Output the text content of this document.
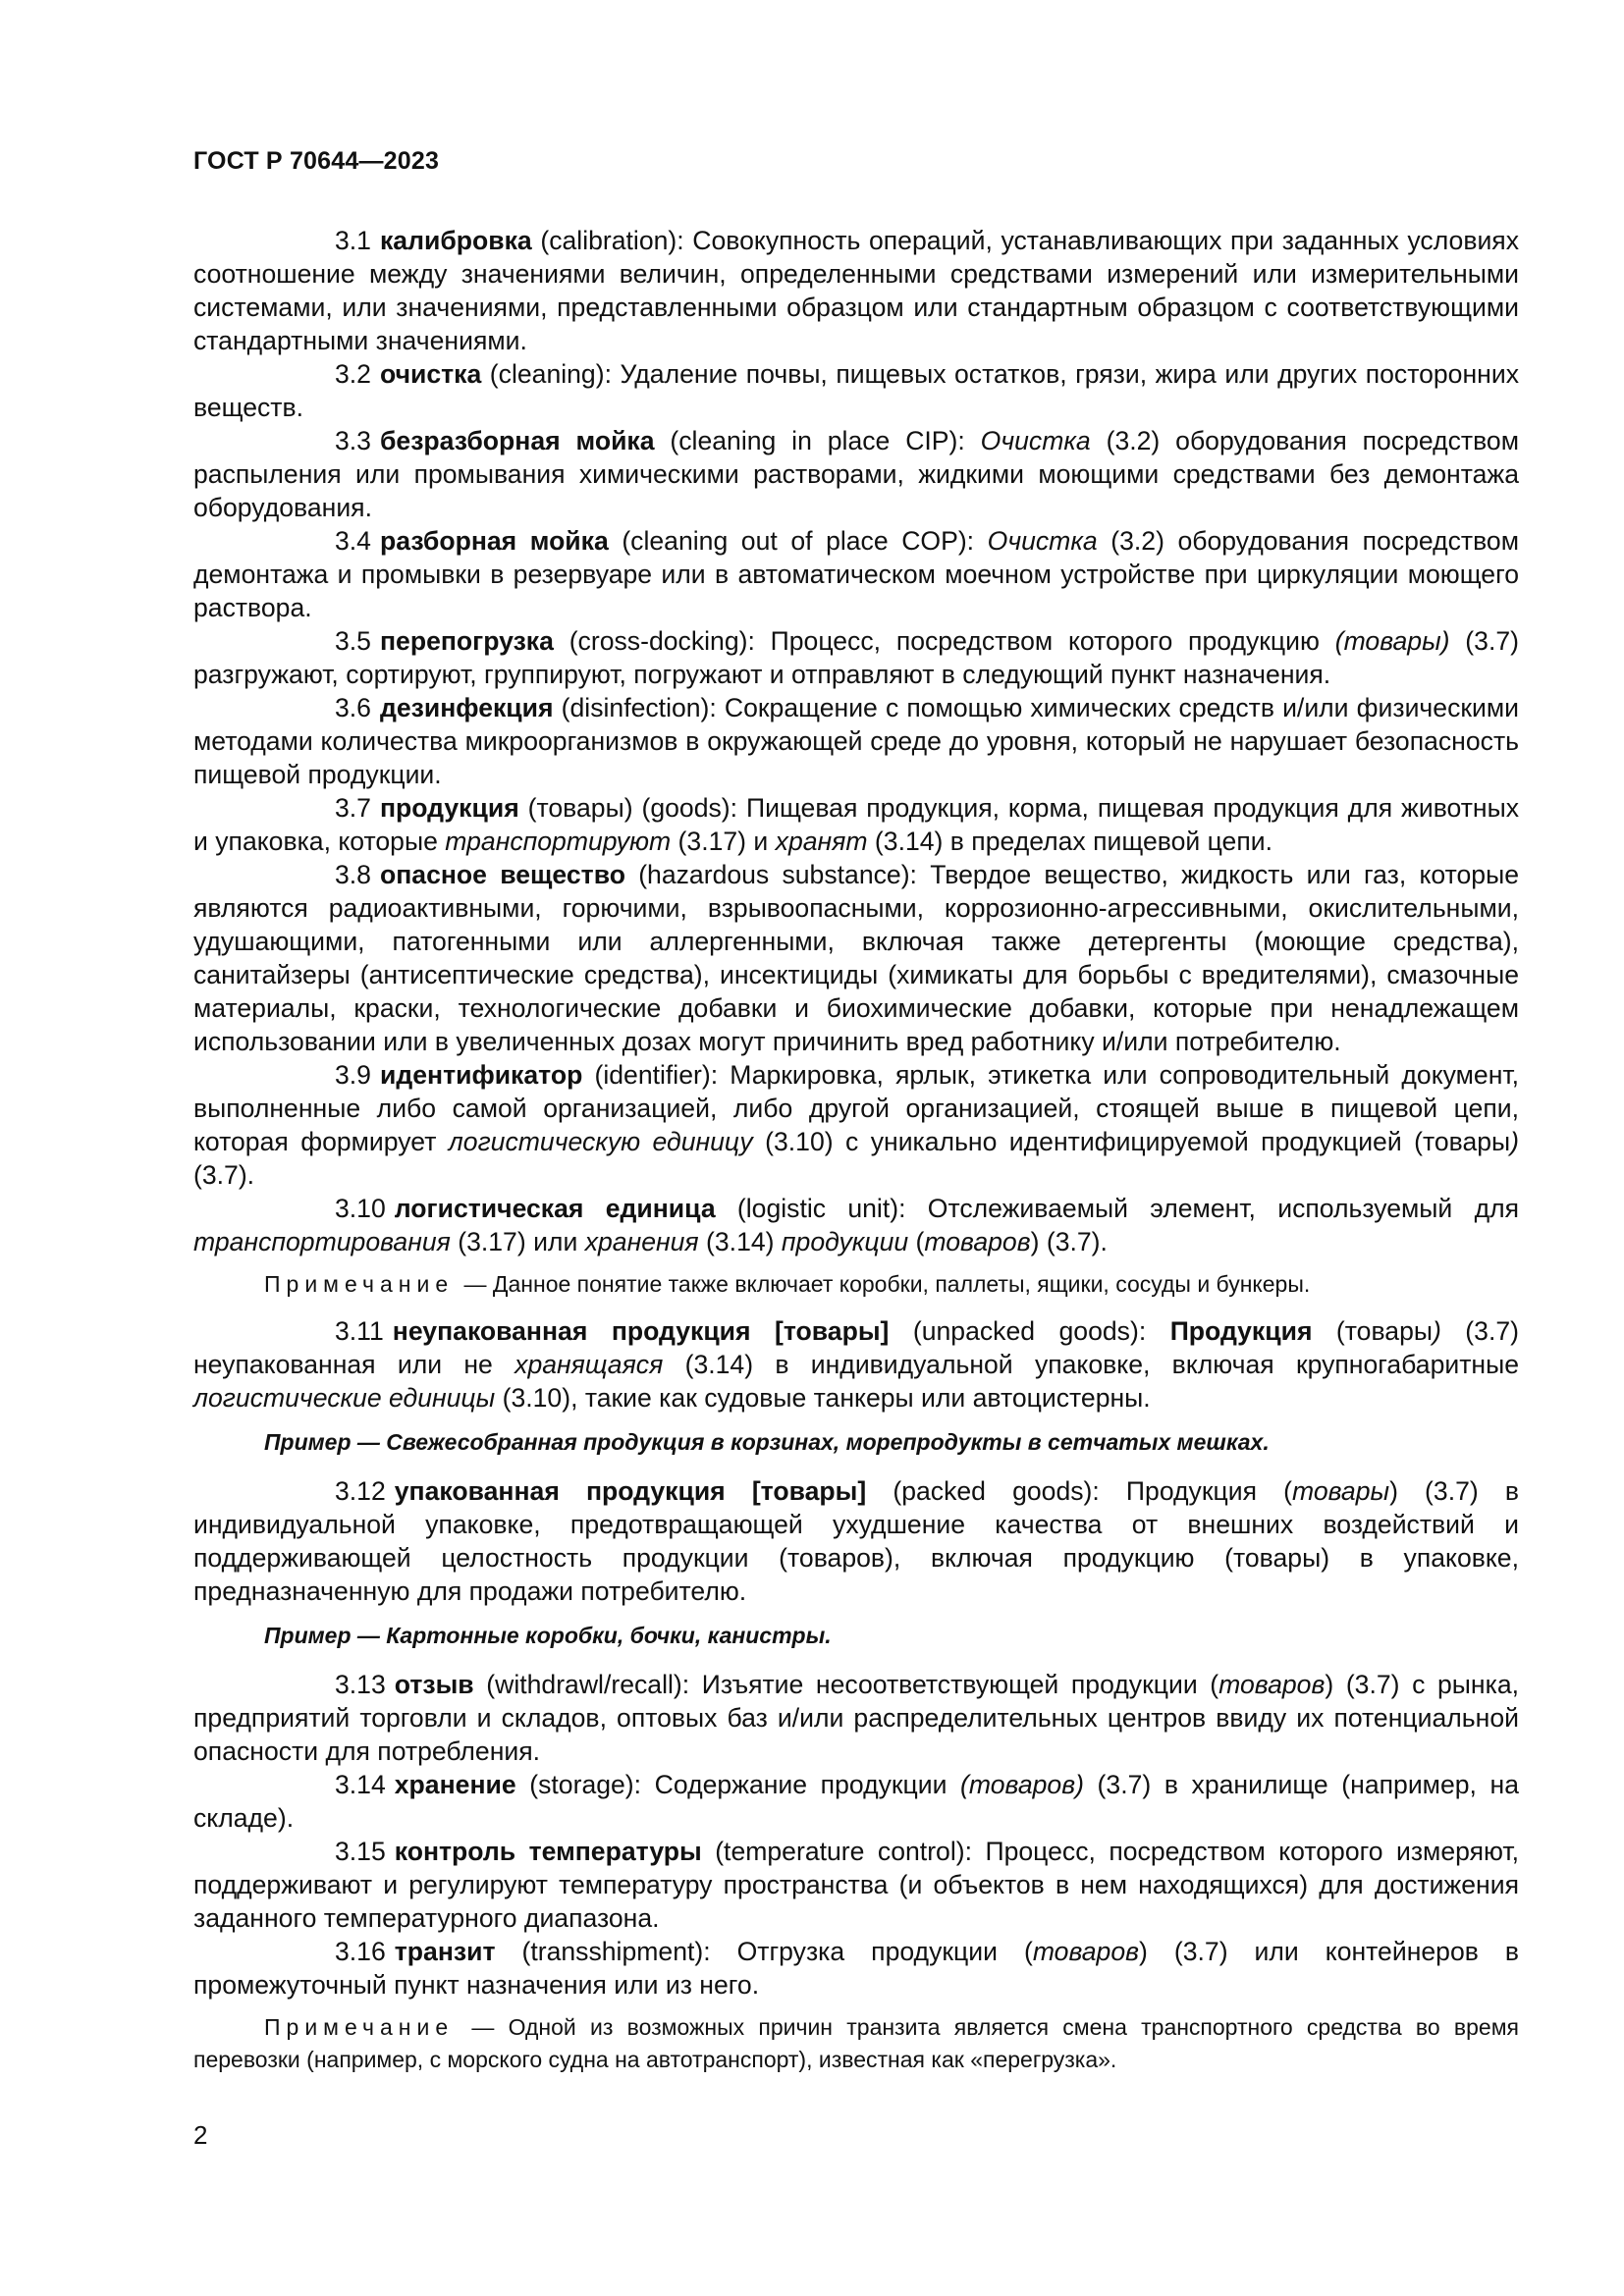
ГОСТ Р 70644—2023

3.1 калибровка (calibration): Совокупность операций, устанавливающих при заданных условиях соотношение между значениями величин, определенными средствами измерений или измерительными системами, или значениями, представленными образцом или стандартным образцом с соответствующими стандартными значениями.

3.2 очистка (cleaning): Удаление почвы, пищевых остатков, грязи, жира или других посторонних веществ.

3.3 безразборная мойка (cleaning in place CIP): Очистка (3.2) оборудования посредством распыления или промывания химическими растворами, жидкими моющими средствами без демонтажа оборудования.

3.4 разборная мойка (cleaning out of place COP): Очистка (3.2) оборудования посредством демонтажа и промывки в резервуаре или в автоматическом моечном устройстве при циркуляции моющего раствора.

3.5 перепогрузка (cross-docking): Процесс, посредством которого продукцию (товары) (3.7) разгружают, сортируют, группируют, погружают и отправляют в следующий пункт назначения.

3.6 дезинфекция (disinfection): Сокращение с помощью химических средств и/или физическими методами количества микроорганизмов в окружающей среде до уровня, который не нарушает безопасность пищевой продукции.

3.7 продукция (товары) (goods): Пищевая продукция, корма, пищевая продукция для животных и упаковка, которые транспортируют (3.17) и хранят (3.14) в пределах пищевой цепи.

3.8 опасное вещество (hazardous substance): Твердое вещество, жидкость или газ, которые являются радиоактивными, горючими, взрывоопасными, коррозионно-агрессивными, окислительными, удушающими, патогенными или аллергенными, включая также детергенты (моющие средства), санитайзеры (антисептические средства), инсектициды (химикаты для борьбы с вредителями), смазочные материалы, краски, технологические добавки и биохимические добавки, которые при ненадлежащем использовании или в увеличенных дозах могут причинить вред работнику и/или потребителю.

3.9 идентификатор (identifier): Маркировка, ярлык, этикетка или сопроводительный документ, выполненные либо самой организацией, либо другой организацией, стоящей выше в пищевой цепи, которая формирует логистическую единицу (3.10) с уникально идентифицируемой продукцией (товары) (3.7).

3.10 логистическая единица (logistic unit): Отслеживаемый элемент, используемый для транспортирования (3.17) или хранения (3.14) продукции (товаров) (3.7).

Примечание — Данное понятие также включает коробки, паллеты, ящики, сосуды и бункеры.

3.11 неупакованная продукция [товары] (unpacked goods): Продукция (товары) (3.7) неупакованная или не хранящаяся (3.14) в индивидуальной упаковке, включая крупногабаритные логистические единицы (3.10), такие как судовые танкеры или автоцистерны.

Пример — Свежесобранная продукция в корзинах, морепродукты в сетчатых мешках.

3.12 упакованная продукция [товары] (packed goods): Продукция (товары) (3.7) в индивидуальной упаковке, предотвращающей ухудшение качества от внешних воздействий и поддерживающей целостность продукции (товаров), включая продукцию (товары) в упаковке, предназначенную для продажи потребителю.

Пример — Картонные коробки, бочки, канистры.

3.13 отзыв (withdrawl/recall): Изъятие несоответствующей продукции (товаров) (3.7) с рынка, предприятий торговли и складов, оптовых баз и/или распределительных центров ввиду их потенциальной опасности для потребления.

3.14 хранение (storage): Содержание продукции (товаров) (3.7) в хранилище (например, на складе).

3.15 контроль температуры (temperature control): Процесс, посредством которого измеряют, поддерживают и регулируют температуру пространства (и объектов в нем находящихся) для достижения заданного температурного диапазона.

3.16 транзит (transshipment): Отгрузка продукции (товаров) (3.7) или контейнеров в промежуточный пункт назначения или из него.

Примечание — Одной из возможных причин транзита является смена транспортного средства во время перевозки (например, с морского судна на автотранспорт), известная как «перегрузка».

2
